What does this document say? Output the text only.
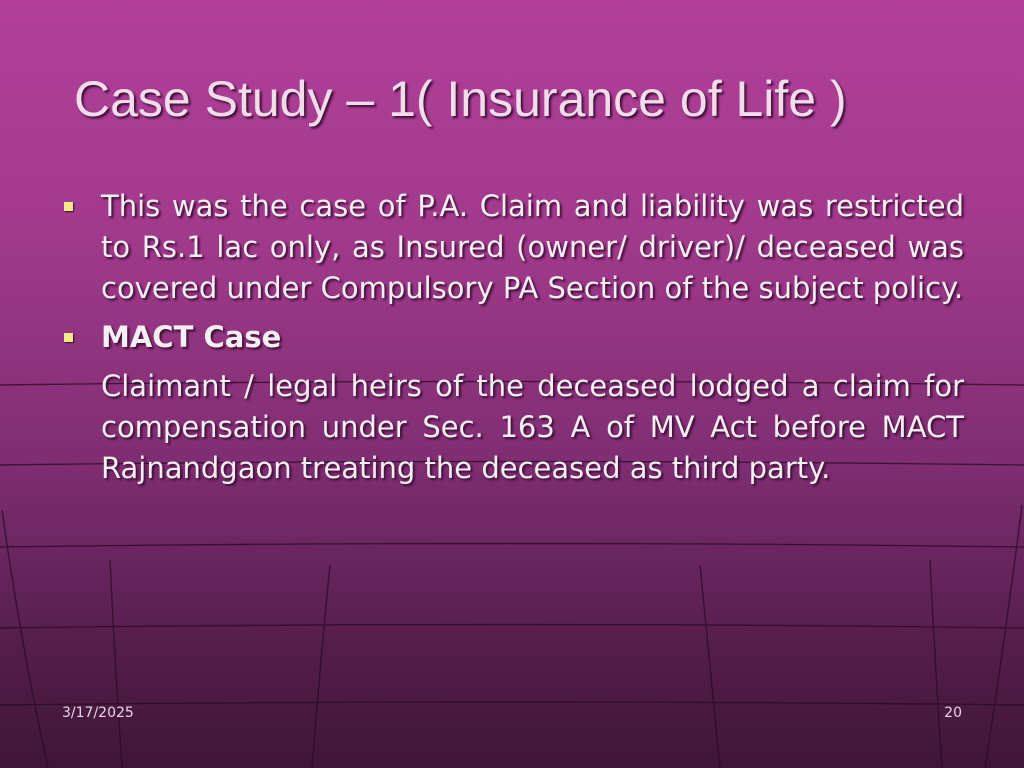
Case Study – 1( Insurance of Life )
This was the case of P.A. Claim and liability was restricted to Rs.1 lac only, as Insured (owner/ driver)/ deceased was covered under Compulsory PA Section of the subject policy.
MACT Case
Claimant / legal heirs of the deceased lodged a claim for compensation under Sec. 163 A of MV Act before MACT Rajnandgaon treating the deceased as third party.
3/17/2025	20
